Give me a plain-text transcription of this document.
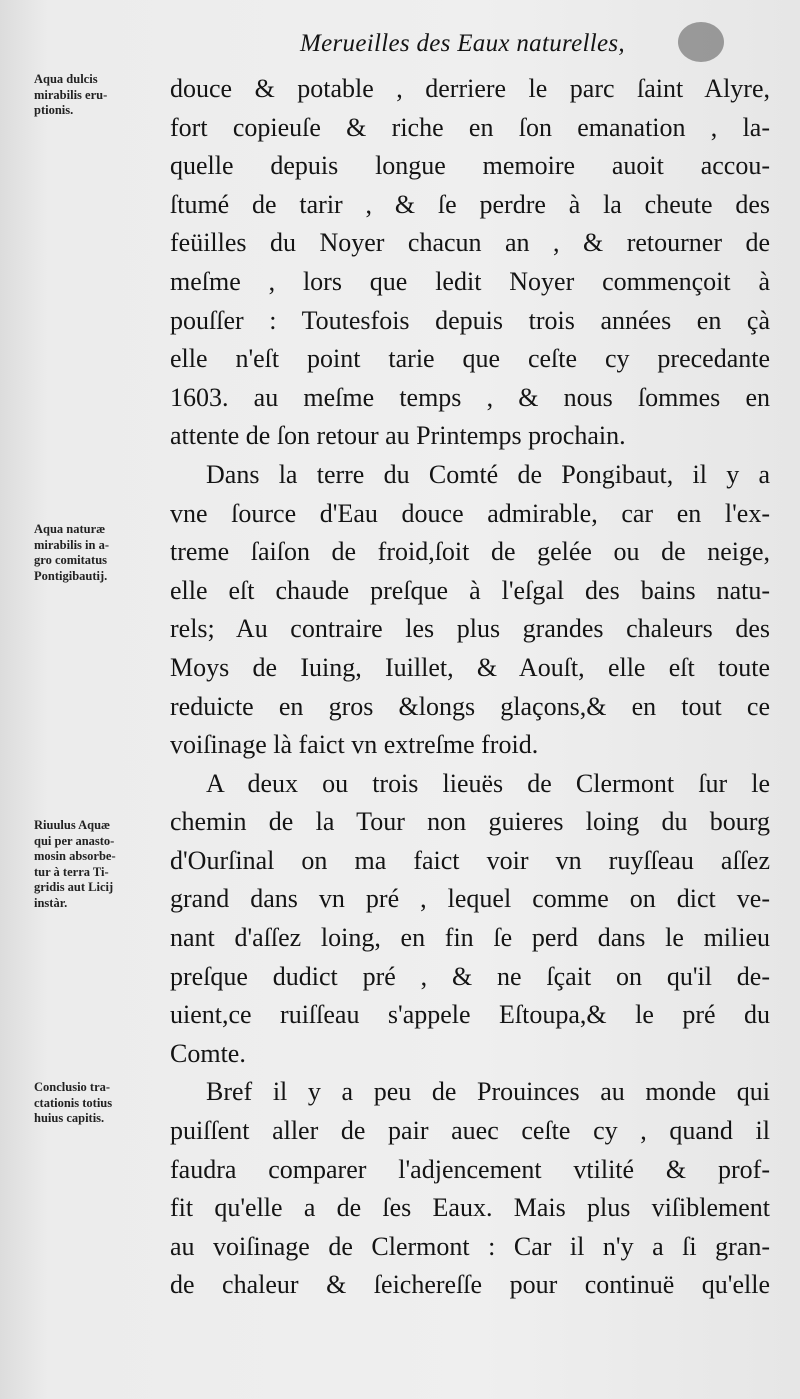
Merueilles des Eaux naturelles,
Aqua dulcis
mirabilis eru-
ptionis.
Aqua naturæ
mirabilis in a-
gro comitatus
Pontigibautij.
Riuulus Aquæ
qui per anasto-
mosin absorbe-
tur à terra Ti-
gridis aut Licij
instàr.
Conclusio tra-
ctationis totius
huius capitis.
douce & potable , derriere le parc ſaint Alyre,
fort copieuſe & riche en ſon emanation , la-
quelle depuis longue memoire auoit accou-
ſtumé de tarir , & ſe perdre à la cheute des
feüilles du Noyer chacun an , & retourner de
meſme , lors que ledit Noyer commençoit à
pouſſer : Toutesfois depuis trois années en çà
elle n'eſt point tarie que ceſte cy precedante
1603. au meſme temps , & nous ſommes en
attente de ſon retour au Printemps prochain.
Dans la terre du Comté de Pongibaut, il y a
vne ſource d'Eau douce admirable, car en l'ex-
treme ſaiſon de froid,ſoit de gelée ou de neige,
elle eſt chaude preſque à l'eſgal des bains natu-
rels; Au contraire les plus grandes chaleurs des
Moys de Iuing, Iuillet, & Aouſt, elle eſt toute
reduicte en gros &longs glaçons,& en tout ce
voiſinage là faict vn extreſme froid.
A deux ou trois lieuës de Clermont ſur le
chemin de la Tour non guieres loing du bourg
d'Ourſinal on ma faict voir vn ruyſſeau aſſez
grand dans vn pré , lequel comme on dict ve-
nant d'aſſez loing, en fin ſe perd dans le milieu
preſque dudict pré , & ne ſçait on qu'il de-
uient,ce ruiſſeau s'appele Eſtoupa,& le pré du
Comte.
Bref il y a peu de Prouinces au monde qui
puiſſent aller de pair auec ceſte cy , quand il
faudra comparer l'adjencement vtilité & prof-
fit qu'elle a de ſes Eaux. Mais plus viſiblement
au voiſinage de Clermont : Car il n'y a ſi gran-
de chaleur & ſeichereſſe pour continuë qu'elle
